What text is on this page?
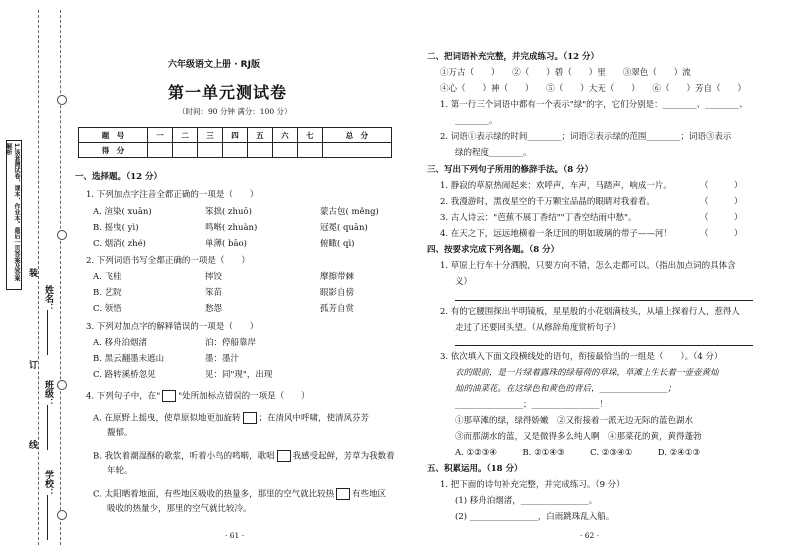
1.该套测试卷，课本，作业本。最后一页答案及答案解析
装
订
线
姓名：
班级：
学校：
六年级语文上册 · RJ版
第一单元测试卷
（时间：90 分钟 满分：100 分）
题　号	一	二	三	四	五	六	七	总　分
得　分								
一、选择题。（12 分）
1. 下列加点字注音全都正确的一项是（　　）
A. 渲染( xuān)	笨拙( zhuō)	蒙古包( měng)
B. 摇曳( yì)	鸣啭( zhuàn)	冠冕( quān)
C. 烟消( zhé)	单薄( bāo)	俯瞰( qì)
2. 下列词语书写全都正确的一项是（　　）
A. 飞桂	摔饺	摩擦带棘
B. 艺院	笨苗	眼影自傍
C. 领悟	愁怨	孤芳自赏
3. 下列对加点字的解释错误的一项是（　　）
A. 移舟泊烟渚	泊：停船靠岸
B. 黑云翻墨未遮山	墨：墨汁
C. 路转溪桥忽见	见：同"现"，出现
4. 下列句子中，在" "处所加标点错误的一项是（　　）
A. 在原野上摇曳，使草原似地更加旋转 ；在清风中呼啸，使清风芬芳
馥郁。
B. 我饮着潮湿酥的歌浆，听着小鸟的鸣啭，歌唱 我感受起鲜，芳草为我数着
年轮。
C. 太阳晒着地面，有些地区吸收的热量多，那里的空气就比较热 有些地区
吸收的热量少，那里的空气就比较冷。
· 61 ·
二、把词语补充完整，并完成练习。（12 分）
①万古（　　）　　②（　　）碧（　　）里　　③翠色（　　）流
④心（　　）神（　　）　　⑤（　　）大无（　　）　　⑥（　　）芳自（　　）
1. 第一行三个词语中都有一个表示"绿"的字，它们分别是：________、________、
________。
2. 词语①表示绿的时间________；词语②表示绿的范围________；词语③表示
绿的程度________。
三、写出下列句子所用的修辞手法。（8 分）
1. 静寂的草原热闹起来：欢呼声，车声，马踏声，响成一片。	（　　　）
2. 我漫游时，黑夜星空的千万颗宝品晶的眼睛对我着看。	（　　　）
3. 古人诗云："芭蕉不展丁香结""丁香空结雨中愁"。	（　　　）
4. 在天之下，远远地横着一条迂回的明如玻璃的带子——河！	（　　　）
四、按要求完成下列各题。（8 分）
1. 草原上行车十分洒脱，只要方向不错，怎么走都可以。（指出加点词的具体含
义）
2. 有的它腰围探出半明镜板，星星般的小花烟满枝头，从墙上探着行人，惹得人
走过了还要回头望。（从修辞角度赏析句子）
3. 依次填入下面文段横线处的语句，衔接最恰当的一组是（　　）。（4 分）
衣的眼前，是一片绿着露珠的绿莓荷的草垛，草滩上生长着一壶壶黄灿
灿的油菜花。在这绿色和黄色的背后，________________；
________________；________________！
①那草滩的绿，绿得娇嫩　②又衔接着一派无边无际的蓝色湖水
③而那湖水的蓝，又是微得多么纯人啊　④那菜花的黄，黄得蓬勃
A. ①②③④　　　B. ②①④③　　　C. ②③④①　　　D. ②④①③
五、积累运用。（18 分）
1. 把下面的诗句补充完整，并完成练习。（9 分）
(1) 移舟泊烟渚，________________。
(2) ________________，白雨跳珠乱入船。
· 62 ·
